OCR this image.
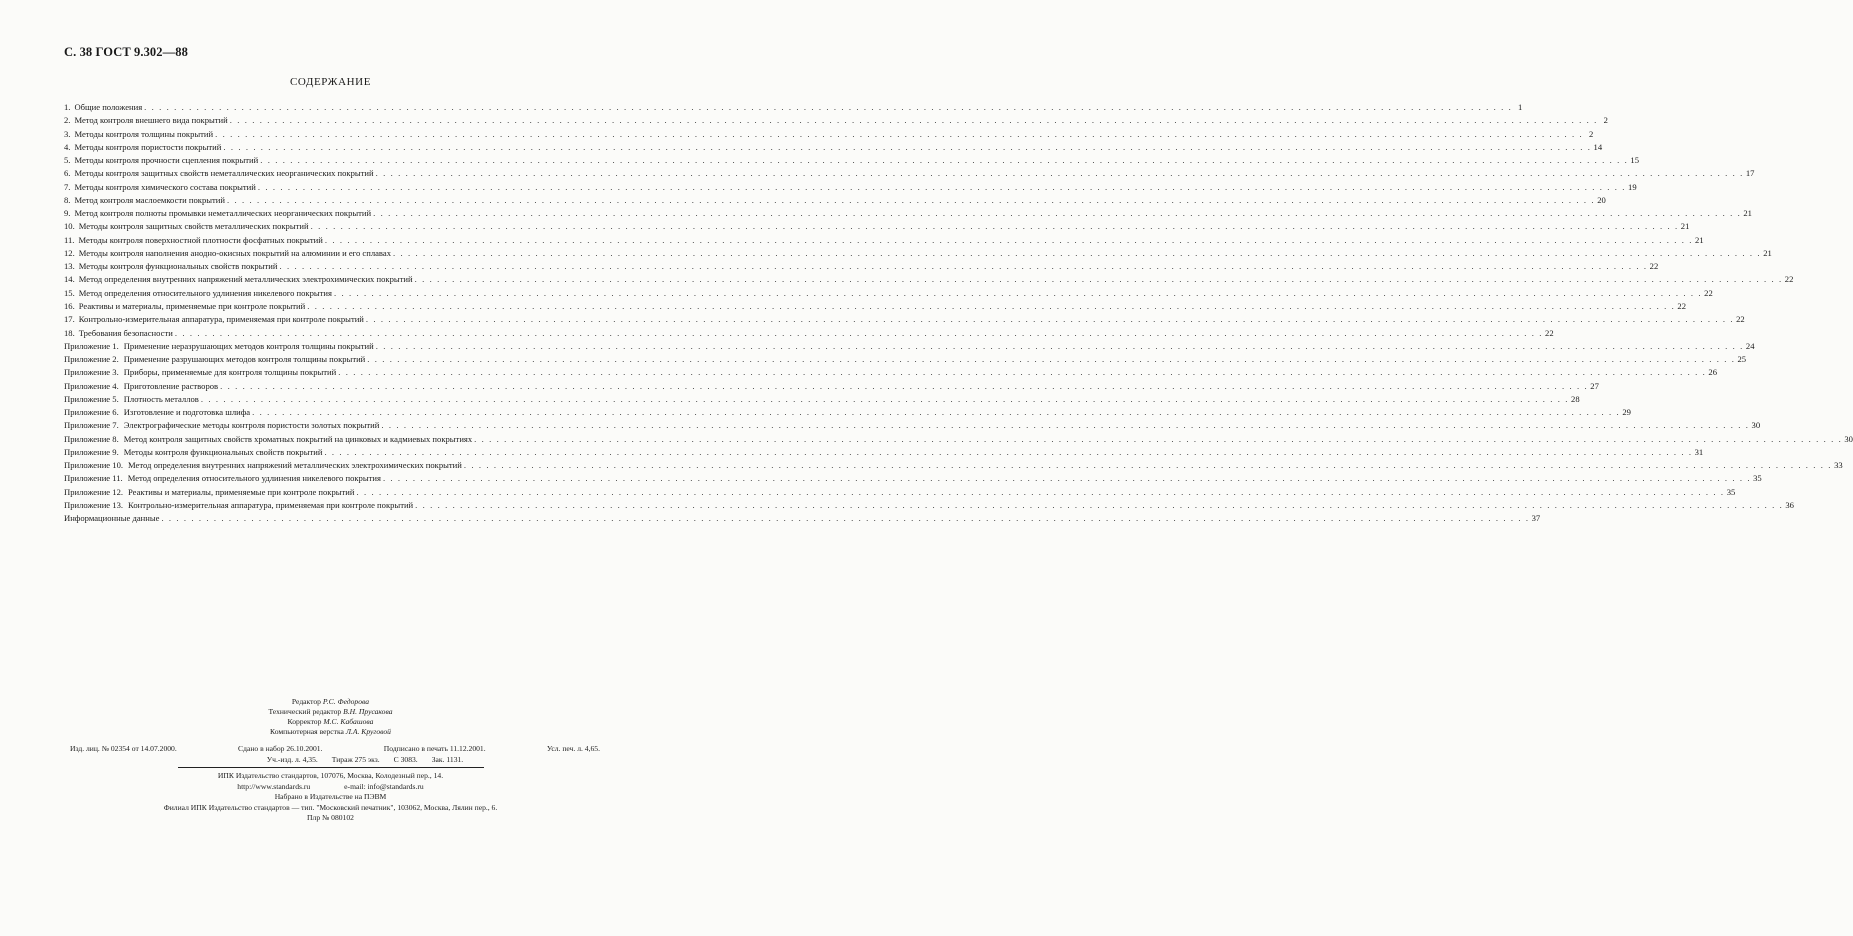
С. 38 ГОСТ 9.302—88
СОДЕРЖАНИЕ
1. Общие положения . . .	1
2. Метод контроля внешнего вида покрытий . . .	2
3. Методы контроля толщины покрытий . . .	2
4. Методы контроля пористости покрытий . . .	14
5. Методы контроля прочности сцепления покрытий . . .	15
6. Методы контроля защитных свойств неметаллических неорганических покрытий . . .	17
7. Методы контроля химического состава покрытий . . .	19
8. Метод контроля маслоемкости покрытий . . .	20
9. Метод контроля полноты промывки неметаллических неорганических покрытий . . .	21
10. Методы контроля защитных свойств металлических покрытий . . .	21
11. Методы контроля поверхностной плотности фосфатных покрытий . . .	21
12. Методы контроля наполнения анодно-окисных покрытий на алюминии и его сплавах . . .	21
13. Методы контроля функциональных свойств покрытий . . .	22
14. Метод определения внутренних напряжений металлических электрохимических покрытий . . .	22
15. Метод определения относительного удлинения никелевого покрытия . . .	22
16. Реактивы и материалы, применяемые при контроле покрытий . . .	22
17. Контрольно-измерительная аппаратура, применяемая при контроле покрытий . . .	22
18. Требования безопасности . . .	22
Приложение 1. Применение неразрушающих методов контроля толщины покрытий . . .	24
Приложение 2. Применение разрушающих методов контроля толщины покрытий . . .	25
Приложение 3. Приборы, применяемые для контроля толщины покрытий . . .	26
Приложение 4. Приготовление растворов . . .	27
Приложение 5. Плотность металлов . . .	28
Приложение 6. Изготовление и подготовка шлифа . . .	29
Приложение 7. Электрографические методы контроля пористости золотых покрытий . . .	30
Приложение 8. Метод контроля защитных свойств хроматных покрытий на цинковых и кадмиевых покрытиях . . .	30
Приложение 9. Методы контроля функциональных свойств покрытий . . .	31
Приложение 10. Метод определения внутренних напряжений металлических электрохимических покрытий . . .	33
Приложение 11. Метод определения относительного удлинения никелевого покрытия . . .	35
Приложение 12. Реактивы и материалы, применяемые при контроле покрытий . . .	35
Приложение 13. Контрольно-измерительная аппаратура, применяемая при контроле покрытий . . .	36
Информационные данные . . .	37
Редактор Р.С. Федорова
Технический редактор В.Н. Прусакова
Корректор М.С. Кабашова
Компьютерная верстка Л.А. Круговой
Изд. лиц. № 02354 от 14.07.2000.	Сдано в набор 26.10.2001.	Подписано в печать 11.12.2001.	Усл. печ. л. 4,65.
Уч.-изд. л. 4,35. Тираж 275 экз. С 3083. Зак. 1131.
ИПК Издательство стандартов, 107076, Москва, Колодезный пер., 14.
http://www.standards.ru	e-mail: info@standards.ru
Набрано в Издательстве на ПЭВМ
Филиал ИПК Издательство стандартов — тип. "Московский печатник", 103062, Москва, Лялин пер., 6.
Плр № 080102
